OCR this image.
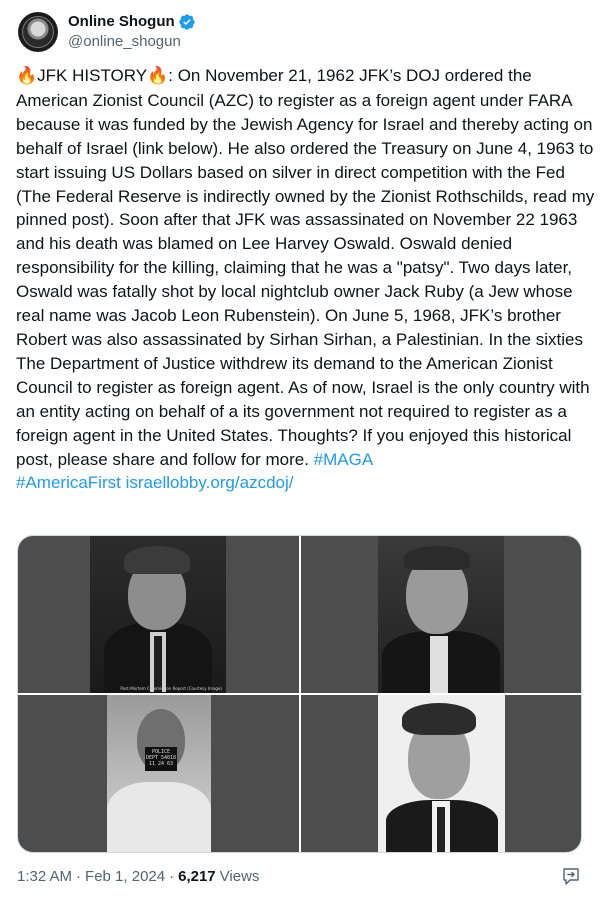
Online Shogun
@online_shogun
🔥JFK HISTORY🔥: On November 21, 1962 JFK’s DOJ ordered the American Zionist Council (AZC) to register as a foreign agent under FARA because it was funded by the Jewish Agency for Israel and thereby acting on behalf of Israel (link below). He also ordered the Treasury on June 4, 1963 to start issuing US Dollars based on silver in direct competition with the Fed (The Federal Reserve is indirectly owned by the Zionist Rothschilds, read my pinned post). Soon after that JFK was assassinated on November 22 1963 and his death was blamed on Lee Harvey Oswald. Oswald denied responsibility for the killing, claiming that he was a "patsy". Two days later, Oswald was fatally shot by local nightclub owner Jack Ruby (a Jew whose real name was Jacob Leon Rubenstein). On June 5, 1968, JFK’s brother Robert was also assassinated by Sirhan Sirhan, a Palestinian. In the sixties The Department of Justice withdrew its demand to the American Zionist Council to register as foreign agent. As of now, Israel is the only country with an entity acting on behalf of a its government not required to register as a foreign agent in the United States. Thoughts? If you enjoyed this historical post, please share and follow for more. #MAGA
#AmericaFirst israellobby.org/azcdoj/
Post-Mortem Commission Report (Courtesy Image)
POLICE DEPT 54018 11 24 63
1:32 AM · Feb 1, 2024 · 6,217 Views
